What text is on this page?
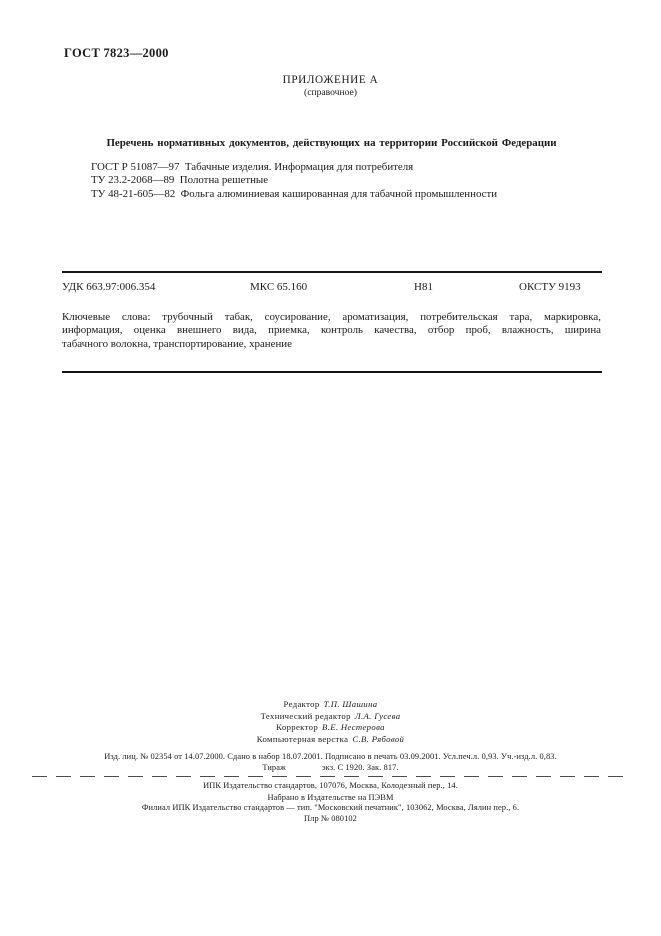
ГОСТ 7823—2000
ПРИЛОЖЕНИЕ А
(справочное)
Перечень нормативных документов, действующих на территории Российской Федерации
ГОСТ Р 51087—97 Табачные изделия. Информация для потребителя
ТУ 23.2-2068—89 Полотна решетные
ТУ 48-21-605—82 Фольга алюминиевая кашированная для табачной промышленности
УДК 663.97:006.354	МКС 65.160	Н81	ОКСТУ 9193
Ключевые слова: трубочный табак, соусирование, ароматизация, потребительская тара, маркировка,
информация, оценка внешнего вида, приемка, контроль качества, отбор проб, влажность, ширина
табачного волокна, транспортирование, хранение
Редактор Т.П. Шашина
Технический редактор Л.А. Гусева
Корректор В.Е. Нестерова
Компьютерная верстка С.В. Рябовой
Изд. лиц. № 02354 от 14.07.2000. Сдано в набор 18.07.2001. Подписано в печать 03.09.2001. Усл.печ.л. 0,93. Уч.-изд.л. 0,83.
Тираж	экз. С 1920. Зак. 817.
ИПК Издательство стандартов, 107076, Москва, Колодезный пер., 14.
Набрано в Издательстве на ПЭВМ
Филиал ИПК Издательство стандартов — тип. "Московский печатник", 103062, Москва, Лялин пер., 6.
Плр № 080102
